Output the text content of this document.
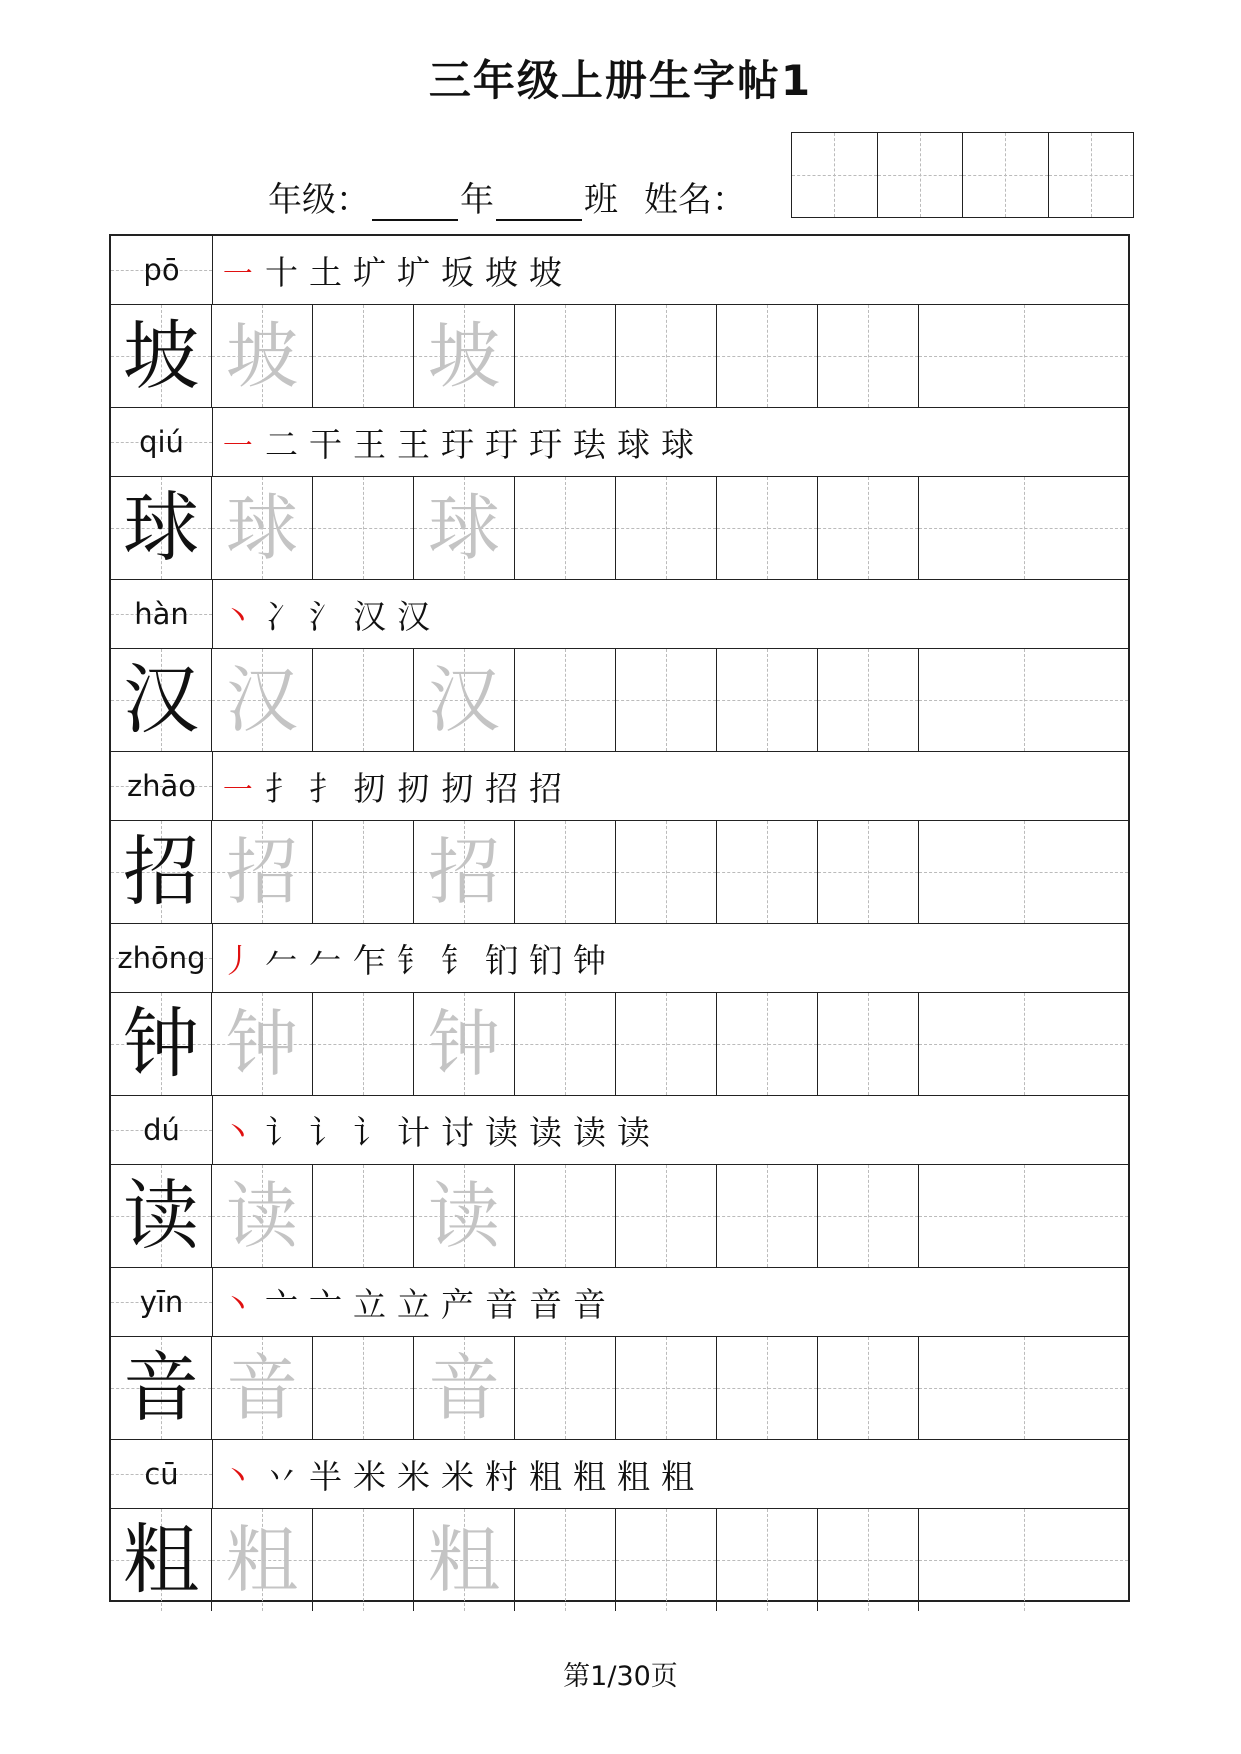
三年级上册生字帖1
年级：	年	班 姓名：
pō ㇐ 十 土 圹 圹 坂 坡 坡
坡 坡 坡
qiú ㇐ 二 干 王 王 玗 玗 玗 珐 球 球
球 球 球
hàn 丶 冫 氵 汉 汉
汉 汉 汉
zhāo ㇐ 扌 扌 扨 扨 扨 招 招
招 招 招
zhōng 丿 𠂉 𠂉 乍 钅 钅 钔 钔 钟
钟 钟 钟
dú 丶 讠 讠 讠 计 讨 读 读 读 读
读 读 读
yīn 丶 亠 亠 立 立 产 音 音 音
音 音 音
cū 丶 丷 半 米 米 米 籿 粗 粗 粗 粗
粗 粗 粗
第1/30页
